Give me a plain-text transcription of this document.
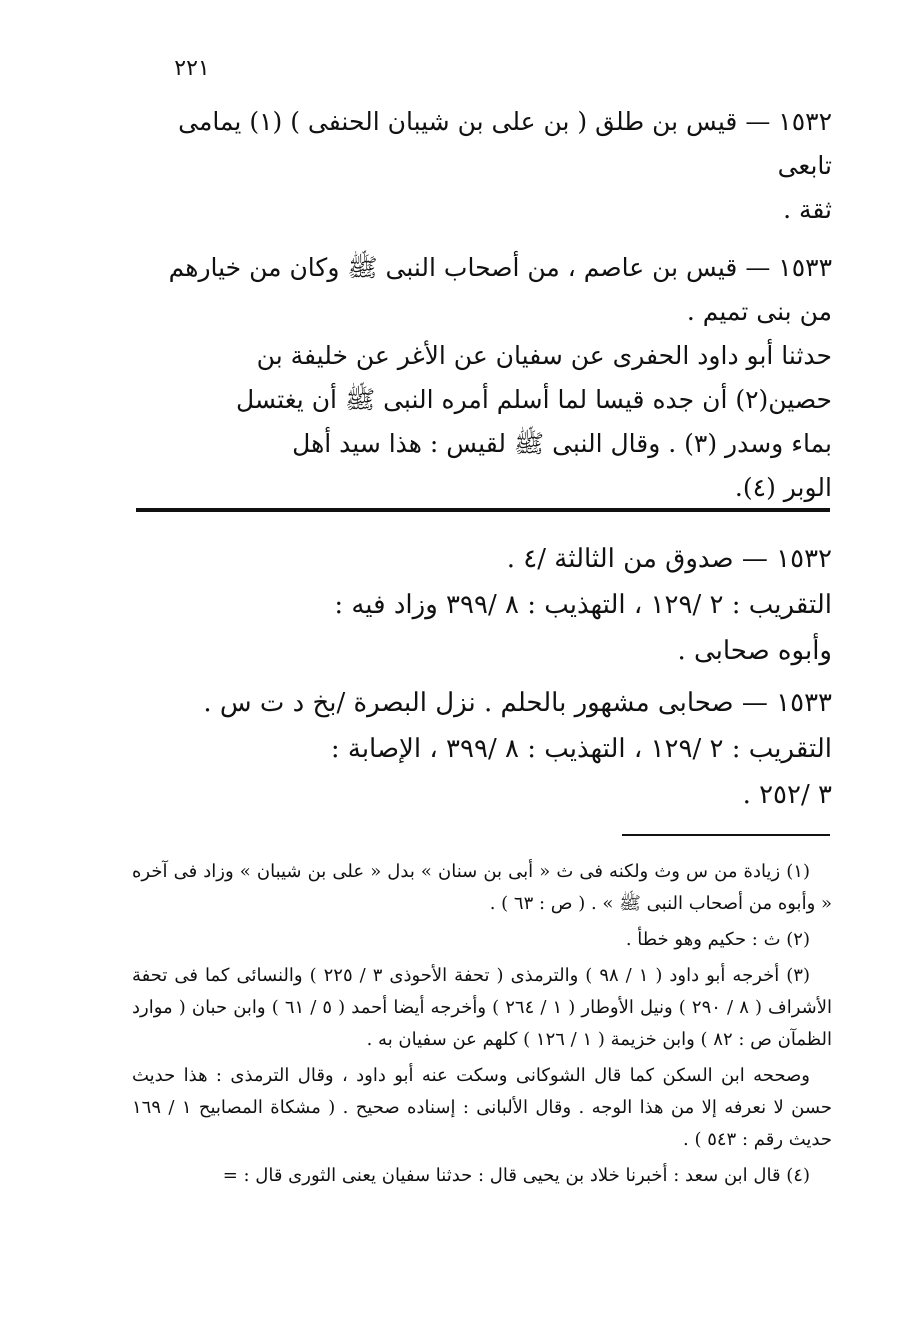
٢٢١

١٥٣٢ — قيس بن طلق ( بن على بن شيبان الحنفى ) (١) يمامى تابعى

ثقة .

١٥٣٣ — قيس بن عاصم ، من أصحاب النبى ﷺ وكان من خيارهم

من بنى تميم .

حدثنا أبو داود الحفرى عن سفيان عن الأغر عن خليفة بن

حصين(٢) أن جده قيسا لما أسلم أمره النبى ﷺ أن يغتسل

بماء وسدر (٣) . وقال النبى ﷺ لقيس : هذا سيد أهل

الوبر (٤).

١٥٣٢ — صدوق من الثالثة /٤ .

التقريب : ٢ /١٢٩ ، التهذيب : ٨ /٣٩٩ وزاد فيه :

وأبوه صحابى .

١٥٣٣ — صحابى مشهور بالحلم . نزل البصرة /بخ د ت س .

التقريب : ٢ /١٢٩ ، التهذيب : ٨ /٣٩٩ ، الإصابة :

٣ /٢٥٢ .

(١) زيادة من س وث ولكنه فى ث « أبى بن سنان » بدل « على بن شيبان » وزاد فى آخره « وأبوه من أصحاب النبى ﷺ » . ( ص : ٦٣ ) .

(٢) ث : حكيم وهو خطأ .

(٣) أخرجه أبو داود ( ١ / ٩٨ ) والترمذى ( تحفة الأحوذى ٣ / ٢٢٥ ) والنسائى كما فى تحفة الأشراف ( ٨ / ٢٩٠ ) ونيل الأوطار ( ١ / ٢٦٤ ) وأخرجه أيضا أحمد ( ٥ / ٦١ ) وابن حبان ( موارد الظمآن ص : ٨٢ ) وابن خزيمة ( ١ / ١٢٦ ) كلهم عن سفيان به .

وصححه ابن السكن كما قال الشوكانى وسكت عنه أبو داود ، وقال الترمذى : هذا حديث حسن لا نعرفه إلا من هذا الوجه . وقال الألبانى : إسناده صحيح . ( مشكاة المصابيح ١ / ١٦٩ حديث رقم : ٥٤٣ ) .

(٤) قال ابن سعد : أخبرنا خلاد بن يحيى قال : حدثنا سفيان يعنى الثورى قال : =
